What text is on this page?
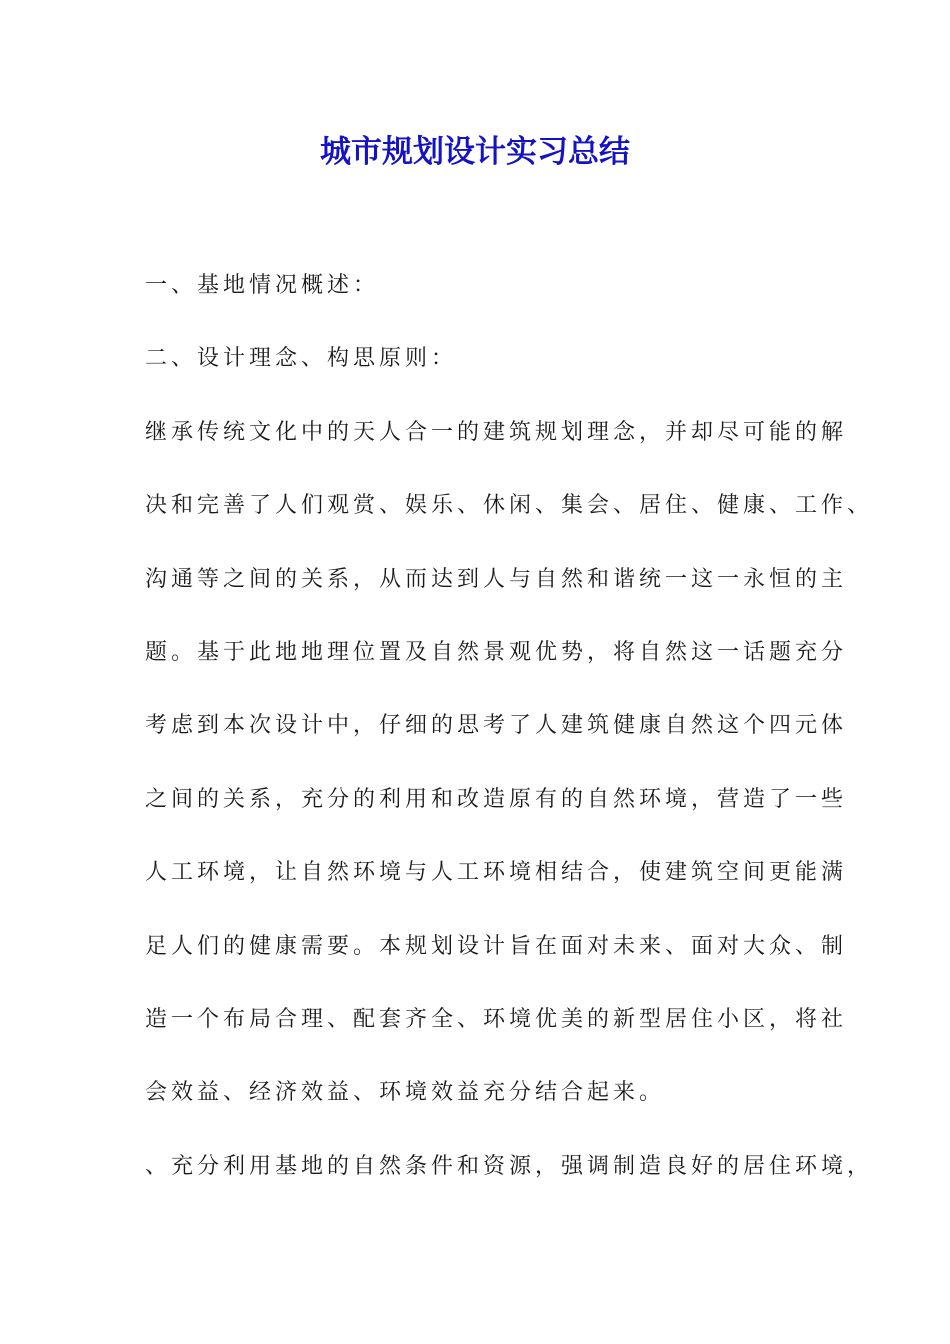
城市规划设计实习总结
一、基地情况概述：
二、设计理念、构思原则：
继承传统文化中的天人合一的建筑规划理念，并却尽可能的解
决和完善了人们观赏、娱乐、休闲、集会、居住、健康、工作、
沟通等之间的关系，从而达到人与自然和谐统一这一永恒的主
题。基于此地地理位置及自然景观优势，将自然这一话题充分
考虑到本次设计中，仔细的思考了人建筑健康自然这个四元体
之间的关系，充分的利用和改造原有的自然环境，营造了一些
人工环境，让自然环境与人工环境相结合，使建筑空间更能满
足人们的健康需要。本规划设计旨在面对未来、面对大众、制
造一个布局合理、配套齐全、环境优美的新型居住小区，将社
会效益、经济效益、环境效益充分结合起来。
、充分利用基地的自然条件和资源，强调制造良好的居住环境，
